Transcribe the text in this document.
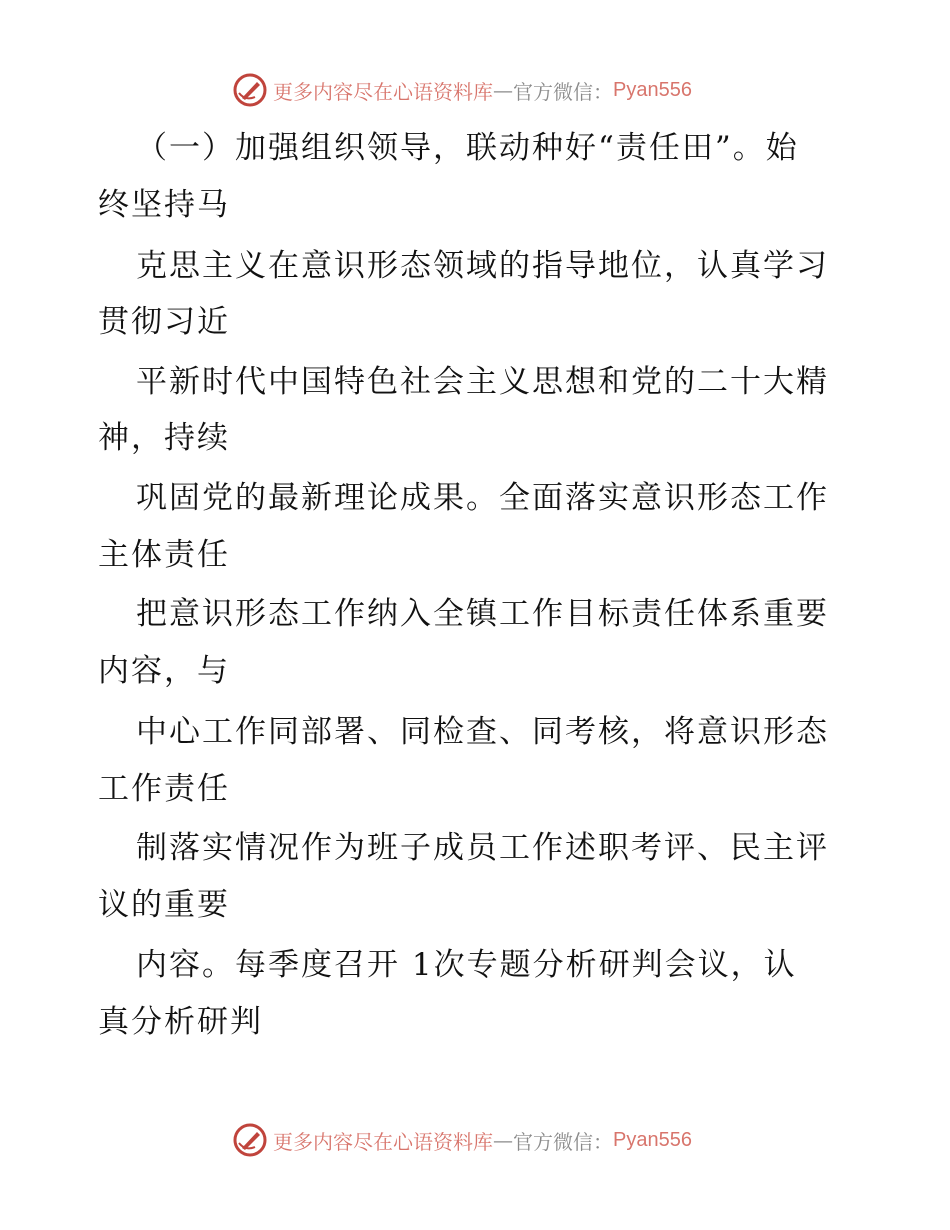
更多内容尽在心语资料库 — 官方微信： Pyan556
（一）加强组织领导，联动种好“责任田”。始
终坚持马
克思主义在意识形态领域的指导地位，认真学习
贯彻习近
平新时代中国特色社会主义思想和党的二十大精
神，持续
巩固党的最新理论成果。全面落实意识形态工作
主体责任
把意识形态工作纳入全镇工作目标责任体系重要
内容，与
中心工作同部署、同检查、同考核，将意识形态
工作责任
制落实情况作为班子成员工作述职考评、民主评
议的重要
内容。每季度召开 1次专题分析研判会议，认
真分析研判
更多内容尽在心语资料库 — 官方微信： Pyan556
